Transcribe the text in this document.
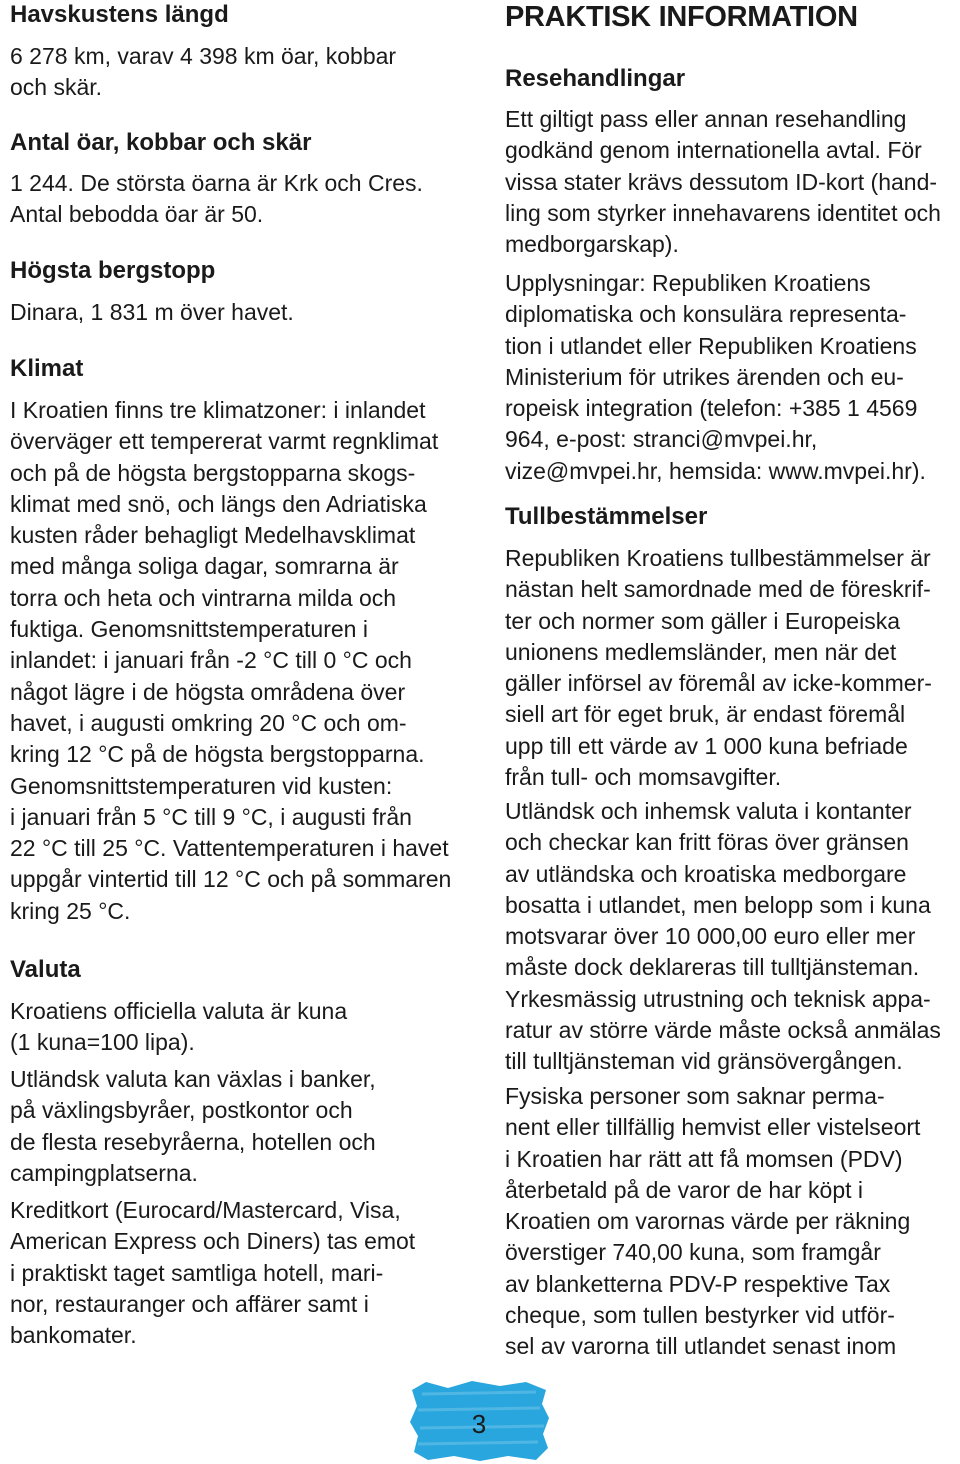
Havskustens längd

6 278 km, varav 4 398 km öar, kobbar
och skär.

Antal öar, kobbar och skär

1 244. De största öarna är Krk och Cres.
Antal bebodda öar är 50.

Högsta bergstopp

Dinara, 1 831 m över havet.

Klimat

I Kroatien finns tre klimatzoner: i inlandet
överväger ett tempererat varmt regnklimat
och på de högsta bergstopparna skogs-
klimat med snö, och längs den Adriatiska
kusten råder behagligt Medelhavsklimat
med många soliga dagar, somrarna är
torra och heta och vintrarna milda och
fuktiga. Genomsnittstemperaturen i
inlandet: i januari från -2 °C till 0 °C och
något lägre i de högsta områdena över
havet, i augusti omkring 20 °C och om-
kring 12 °C på de högsta bergstopparna.
Genomsnittstemperaturen vid kusten:
i januari från 5 °C till 9 °C, i augusti från
22 °C till 25 °C. Vattentemperaturen i havet
uppgår vintertid till 12 °C och på sommaren
kring 25 °C.

Valuta

Kroatiens officiella valuta är kuna
(1 kuna=100 lipa).

Utländsk valuta kan växlas i banker,
på växlingsbyråer, postkontor och
de flesta resebyråerna, hotellen och
campingplatserna.

Kreditkort (Eurocard/Mastercard, Visa,
American Express och Diners) tas emot
i praktiskt taget samtliga hotell, mari-
nor, restauranger och affärer samt i
bankomater.

PRAKTISK INFORMATION
Resehandlingar

Ett giltigt pass eller annan resehandling
godkänd genom internationella avtal. För
vissa stater krävs dessutom ID-kort (hand-
ling som styrker innehavarens identitet och
medborgarskap).

Upplysningar: Republiken Kroatiens
diplomatiska och konsulära representa-
tion i utlandet eller Republiken Kroatiens
Ministerium för utrikes ärenden och eu-
ropeisk integration (telefon: +385 1 4569
964, e-post: stranci@mvpei.hr,
vize@mvpei.hr, hemsida: www.mvpei.hr).

Tullbestämmelser

Republiken Kroatiens tullbestämmelser är
nästan helt samordnade med de föreskrif-
ter och normer som gäller i Europeiska
unionens medlemsländer, men när det
gäller införsel av föremål av icke-kommer-
siell art för eget bruk, är endast föremål
upp till ett värde av 1 000 kuna befriade
från tull- och momsavgifter.

Utländsk och inhemsk valuta i kontanter
och checkar kan fritt föras över gränsen
av utländska och kroatiska medborgare
bosatta i utlandet, men belopp som i kuna
motsvarar över 10 000,00 euro eller mer
måste dock deklareras till tulltjänsteman.
Yrkesmässig utrustning och teknisk appa-
ratur av större värde måste också anmälas
till tulltjänsteman vid gränsövergången.

Fysiska personer som saknar perma-
nent eller tillfällig hemvist eller vistelseort
i Kroatien har rätt att få momsen (PDV)
återbetald på de varor de har köpt i
Kroatien om varornas värde per räkning
överstiger 740,00 kuna, som framgår
av blanketterna PDV-P respektive Tax
cheque, som tullen bestyrker vid utför-
sel av varorna till utlandet senast inom

3
